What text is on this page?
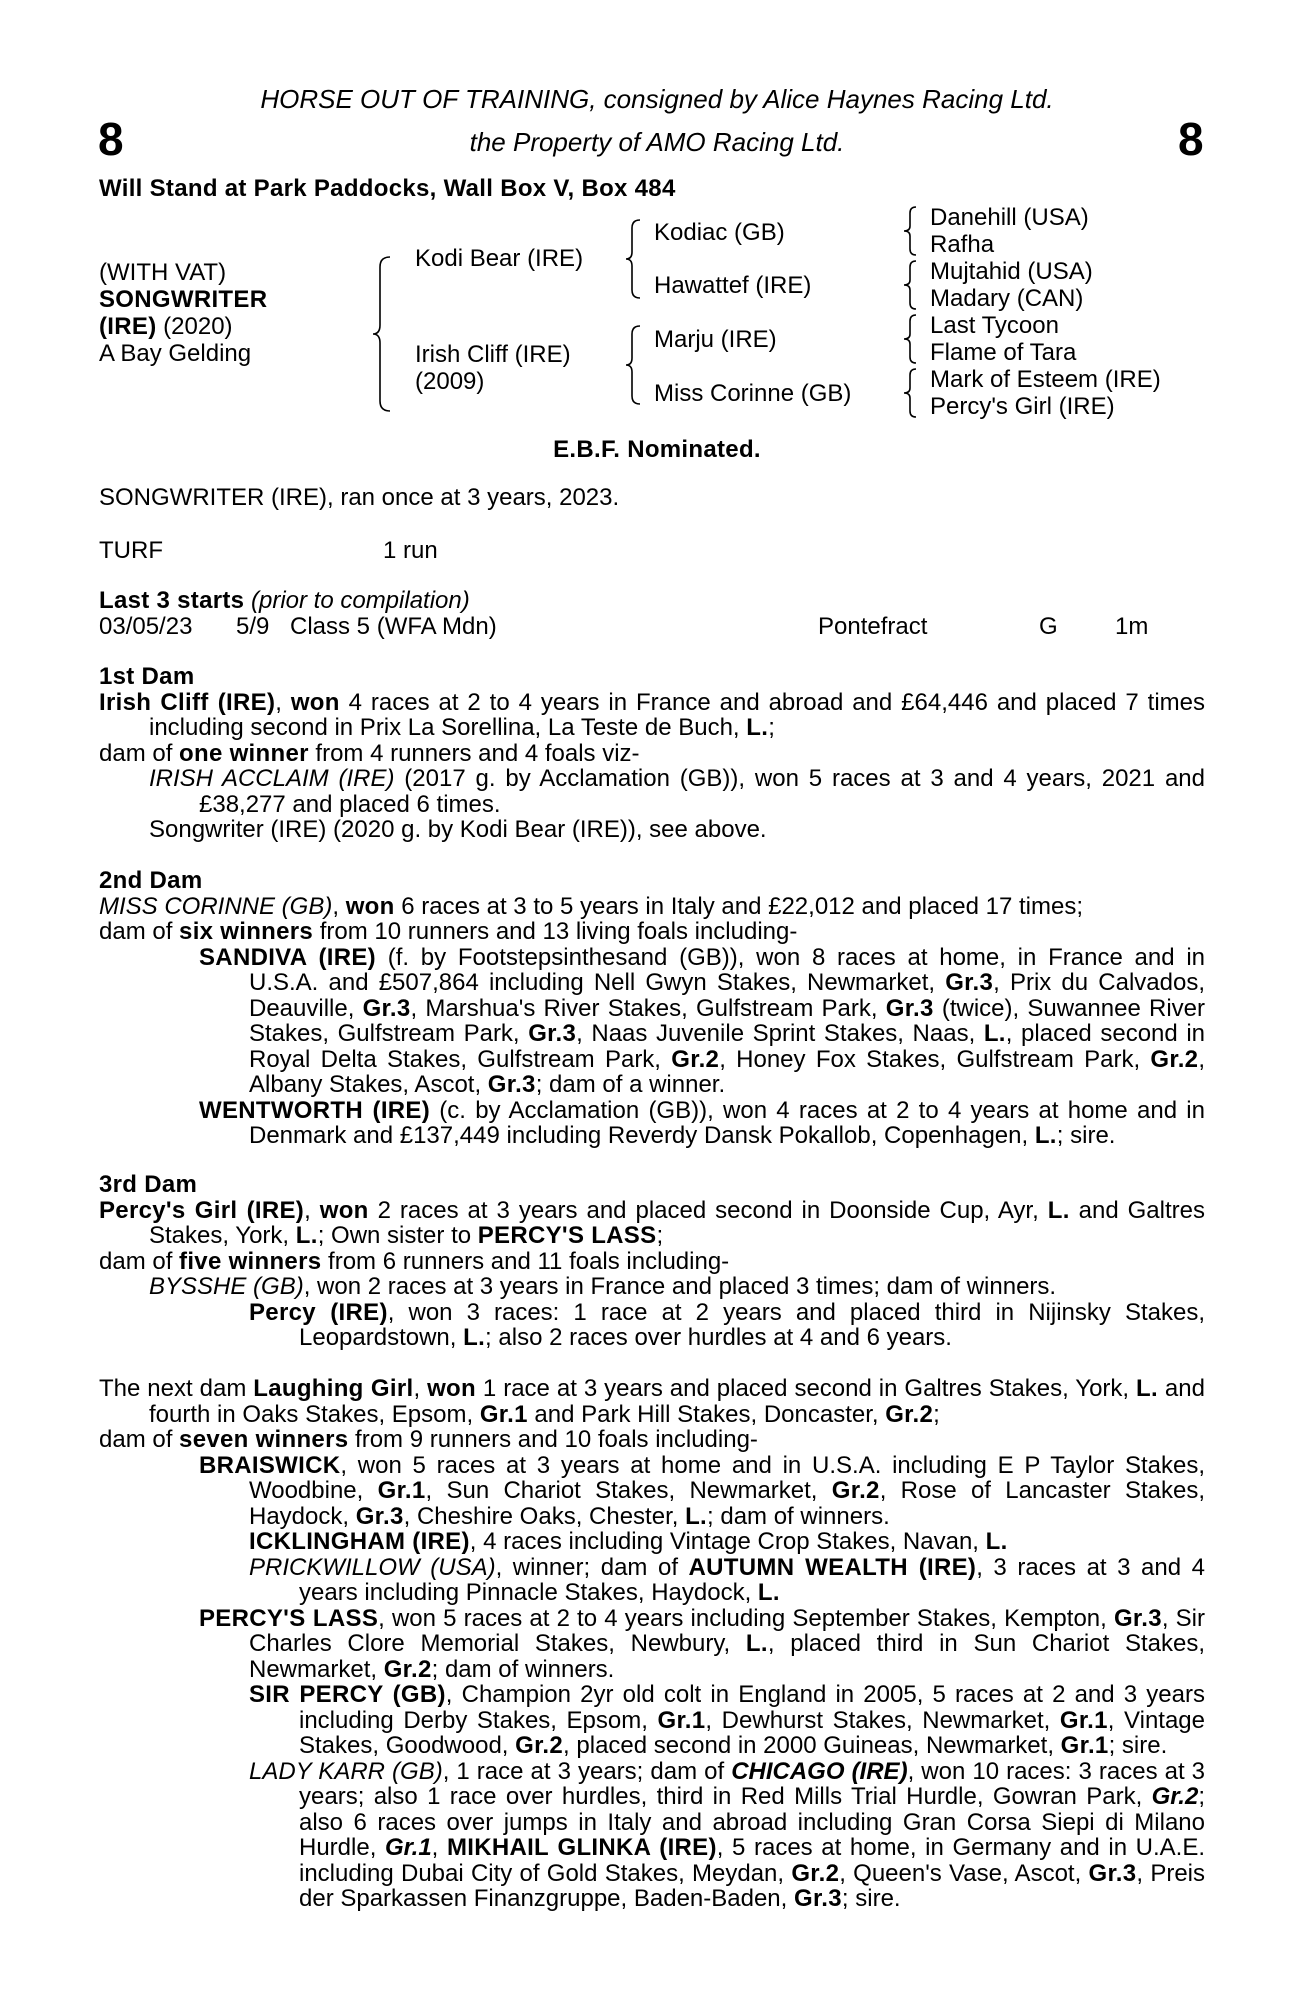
8	8
HORSE OUT OF TRAINING, consigned by Alice Haynes Racing Ltd.
the Property of AMO Racing Ltd.
Will Stand at Park Paddocks, Wall Box V, Box 484
(WITH VAT)
SONGWRITER
(IRE) (2020)
A Bay Gelding
Kodi Bear (IRE)
Irish Cliff (IRE)
(2009)
Kodiac (GB)
Hawattef (IRE)
Marju (IRE)
Miss Corinne (GB)
Danehill (USA)
Rafha
Mujtahid (USA)
Madary (CAN)
Last Tycoon
Flame of Tara
Mark of Esteem (IRE)
Percy's Girl (IRE)
E.B.F. Nominated.
SONGWRITER (IRE), ran once at 3 years, 2023.
TURF	1 run
Last 3 starts (prior to compilation)
03/05/23 5/9 Class 5 (WFA Mdn)	Pontefract	G 1m

1st Dam

Irish Cliff (IRE), won 4 races at 2 to 4 years in France and abroad and £64,446 and placed 7 times including second in Prix La Sorellina, La Teste de Buch, L.;

dam of one winner from 4 runners and 4 foals viz-

IRISH ACCLAIM (IRE) (2017 g. by Acclamation (GB)), won 5 races at 3 and 4 years, 2021 and £38,277 and placed 6 times.

Songwriter (IRE) (2020 g. by Kodi Bear (IRE)), see above.

2nd Dam

MISS CORINNE (GB), won 6 races at 3 to 5 years in Italy and £22,012 and placed 17 times;

dam of six winners from 10 runners and 13 living foals including-

SANDIVA (IRE) (f. by Footstepsinthesand (GB)), won 8 races at home, in France and in U.S.A. and £507,864 including Nell Gwyn Stakes, Newmarket, Gr.3, Prix du Calvados, Deauville, Gr.3, Marshua's River Stakes, Gulfstream Park, Gr.3 (twice), Suwannee River Stakes, Gulfstream Park, Gr.3, Naas Juvenile Sprint Stakes, Naas, L., placed second in Royal Delta Stakes, Gulfstream Park, Gr.2, Honey Fox Stakes, Gulfstream Park, Gr.2, Albany Stakes, Ascot, Gr.3; dam of a winner.

WENTWORTH (IRE) (c. by Acclamation (GB)), won 4 races at 2 to 4 years at home and in Denmark and £137,449 including Reverdy Dansk Pokallob, Copenhagen, L.; sire.

3rd Dam

Percy's Girl (IRE), won 2 races at 3 years and placed second in Doonside Cup, Ayr, L. and Galtres Stakes, York, L.; Own sister to PERCY'S LASS;

dam of five winners from 6 runners and 11 foals including-

BYSSHE (GB), won 2 races at 3 years in France and placed 3 times; dam of winners.

Percy (IRE), won 3 races: 1 race at 2 years and placed third in Nijinsky Stakes, Leopardstown, L.; also 2 races over hurdles at 4 and 6 years.

The next dam Laughing Girl, won 1 race at 3 years and placed second in Galtres Stakes, York, L. and fourth in Oaks Stakes, Epsom, Gr.1 and Park Hill Stakes, Doncaster, Gr.2;

dam of seven winners from 9 runners and 10 foals including-

BRAISWICK, won 5 races at 3 years at home and in U.S.A. including E P Taylor Stakes, Woodbine, Gr.1, Sun Chariot Stakes, Newmarket, Gr.2, Rose of Lancaster Stakes, Haydock, Gr.3, Cheshire Oaks, Chester, L.; dam of winners.

ICKLINGHAM (IRE), 4 races including Vintage Crop Stakes, Navan, L.

PRICKWILLOW (USA), winner; dam of AUTUMN WEALTH (IRE), 3 races at 3 and 4 years including Pinnacle Stakes, Haydock, L.

PERCY'S LASS, won 5 races at 2 to 4 years including September Stakes, Kempton, Gr.3, Sir Charles Clore Memorial Stakes, Newbury, L., placed third in Sun Chariot Stakes, Newmarket, Gr.2; dam of winners.

SIR PERCY (GB), Champion 2yr old colt in England in 2005, 5 races at 2 and 3 years including Derby Stakes, Epsom, Gr.1, Dewhurst Stakes, Newmarket, Gr.1, Vintage Stakes, Goodwood, Gr.2, placed second in 2000 Guineas, Newmarket, Gr.1; sire.

LADY KARR (GB), 1 race at 3 years; dam of CHICAGO (IRE), won 10 races: 3 races at 3 years; also 1 race over hurdles, third in Red Mills Trial Hurdle, Gowran Park, Gr.2; also 6 races over jumps in Italy and abroad including Gran Corsa Siepi di Milano Hurdle, Gr.1, MIKHAIL GLINKA (IRE), 5 races at home, in Germany and in U.A.E. including Dubai City of Gold Stakes, Meydan, Gr.2, Queen's Vase, Ascot, Gr.3, Preis der Sparkassen Finanzgruppe, Baden-Baden, Gr.3; sire.
